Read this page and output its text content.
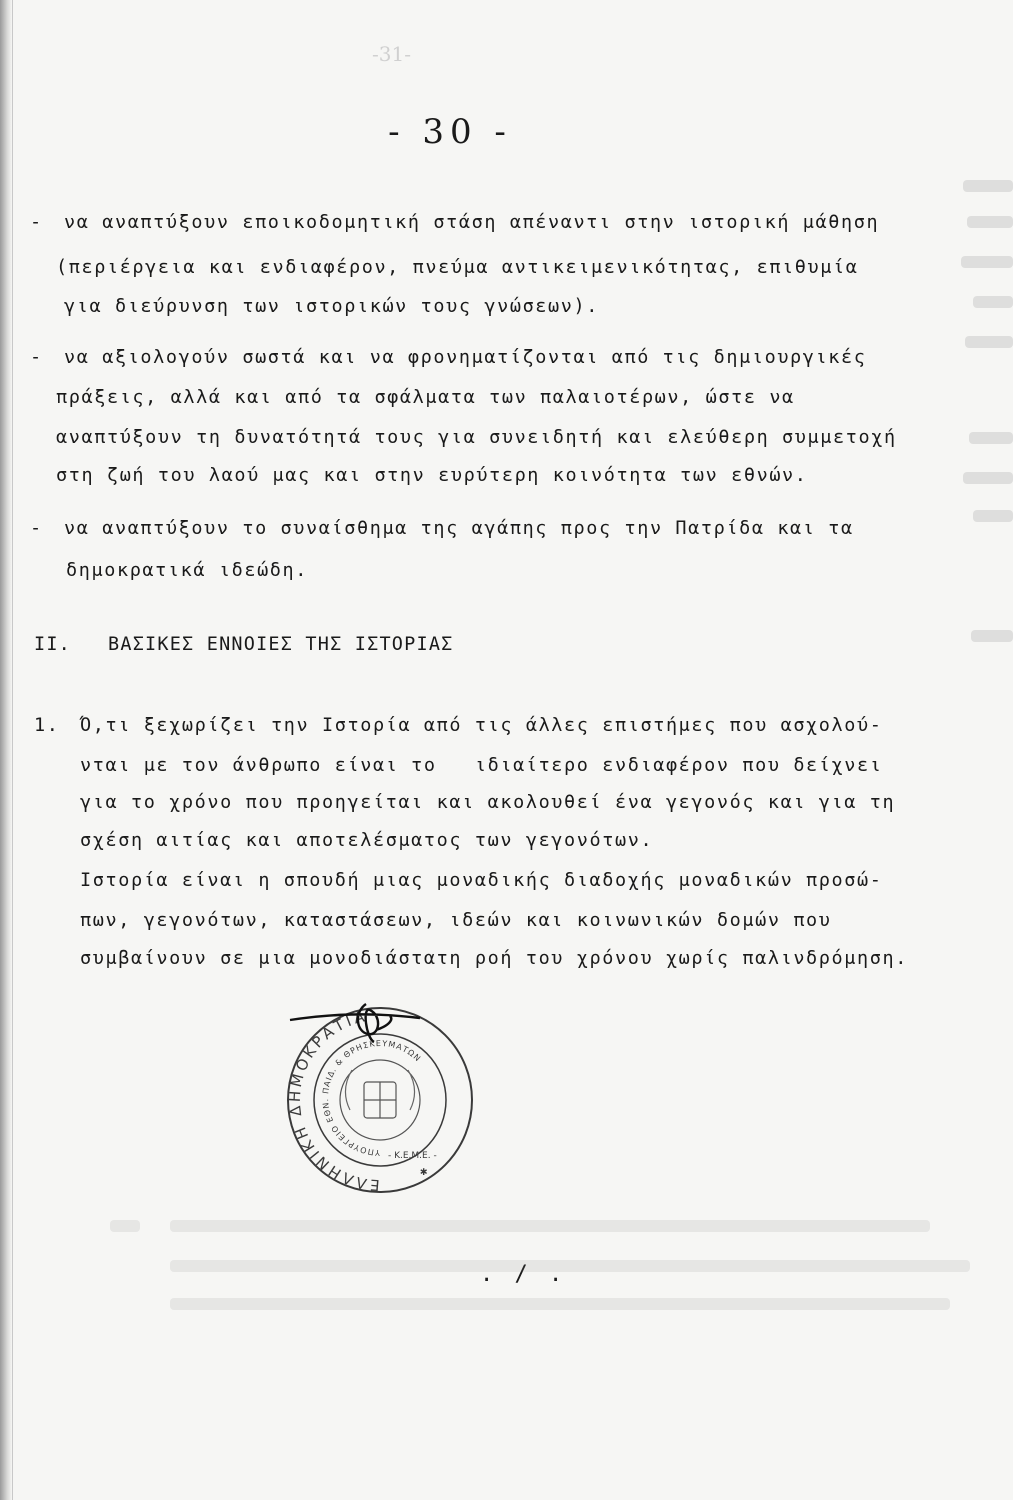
-31-
- 30 -
- να αναπτύξουν εποικοδομητική στάση απέναντι στην ιστορική μάθηση
(περιέργεια και ενδιαφέρον, πνεύμα αντικειμενικότητας, επιθυμία
για διεύρυνση των ιστορικών τους γνώσεων).
- να αξιολογούν σωστά και να φρονηματίζονται από τις δημιουργικές
πράξεις, αλλά και από τα σφάλματα των παλαιοτέρων, ώστε να
αναπτύξουν τη δυνατότητά τους για συνειδητή και ελεύθερη συμμετοχή
στη ζωή του λαού μας και στην ευρύτερη κοινότητα των εθνών.
- να αναπτύξουν το συναίσθημα της αγάπης προς την Πατρίδα και τα
δημοκρατικά ιδεώδη.
II.   ΒΑΣΙΚΕΣ ΕΝΝΟΙΕΣ ΤΗΣ ΙΣΤΟΡΙΑΣ
1. Ό,τι ξεχωρίζει την Ιστορία από τις άλλες επιστήμες που ασχολού-
νται με τον άνθρωπο είναι το   ιδιαίτερο ενδιαφέρον που δείχνει
για το χρόνο που προηγείται και ακολουθεί ένα γεγονός και για τη
σχέση αιτίας και αποτελέσματος των γεγονότων.
Ιστορία είναι η σπουδή μιας μοναδικής διαδοχής μοναδικών προσώ-
πων, γεγονότων, καταστάσεων, ιδεών και κοινωνικών δομών που
συμβαίνουν σε μια μονοδιάστατη ροή του χρόνου χωρίς παλινδρόμηση.
ΕΛΛΗΝΙΚΗ ΔΗΜΟΚΡΑΤΙΑ
ΥΠΟΥΡΓΕΙΟ ΕΘΝ. ΠΑΙΔ. & ΘΡΗΣΚΕΥΜΑΤΩΝ
- Κ.Ε.Μ.Ε. -
✱
. / .
